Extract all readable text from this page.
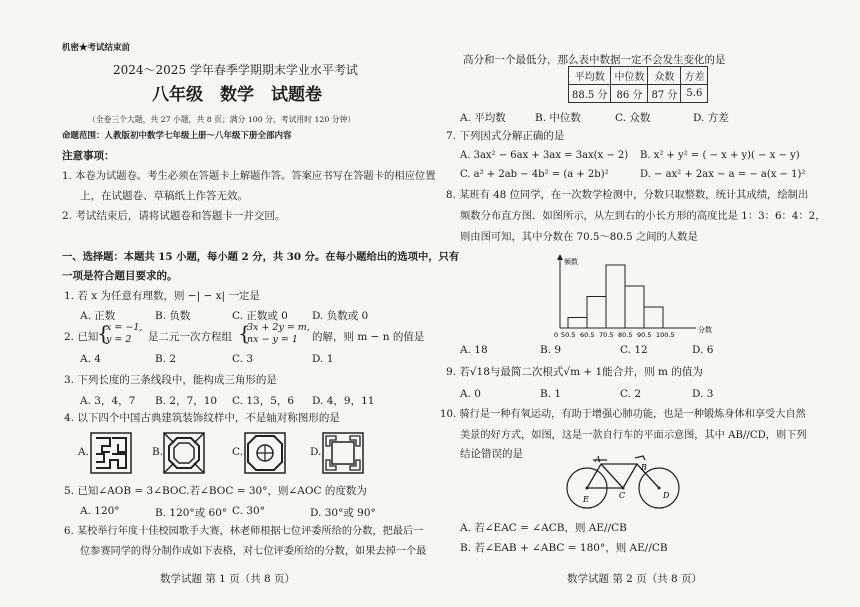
机密★考试结束前
2024～2025 学年春季学期期末学业水平考试
八年级　数学　试题卷
（全卷三个大题，共 27 小题，共 8 页；满分 100 分，考试用时 120 分钟）
命题范围：人教版初中数学七年级上册～八年级下册全部内容
注意事项：
1. 本卷为试题卷。考生必须在答题卡上解题作答。答案应书写在答题卡的相应位置
上，在试题卷、草稿纸上作答无效。
2. 考试结束后，请将试题卷和答题卡一并交回。
一、选择题：本题共 15 小题，每小题 2 分，共 30 分。在每小题给出的选项中，只有
一项是符合题目要求的。
1. 若 x 为任意有理数，则 −| − x| 一定是
A. 正数	B. 负数	C. 正数或 0 D. 负数或 0
2. 已知
{
x = −1,
y = 2 是二元一次方程组 {
3x + 2y = m,
nx − y = 1 的解，则 m − n 的值是
A. 4	B. 2	C. 3	D. 1
3. 下列长度的三条线段中，能构成三角形的是
A. 3，4，7 B. 2，7，10 C. 13，5，6 D. 4，9，11
4. 以下四个中国古典建筑装饰纹样中，不是轴对称图形的是
A.	B.	C.	D.
5. 已知∠AOB = 3∠BOC.若∠BOC = 30°，则∠AOC 的度数为
A. 120°	B. 120°或 60° C. 30°	D. 30°或 90°
6. 某校举行年度十佳校园歌手大赛，林老师根据七位评委所给的分数，把最后一
位参赛同学的得分制作成如下表格，对七位评委所给的分数，如果去掉一个最
数学试题 第 1 页（共 8 页）
高分和一个最低分，那么表中数据一定不会发生变化的是
平均数	中位数	众数	方差
88.5 分	86 分	87 分	5.6
A. 平均数	B. 中位数	C. 众数	D. 方差
7. 下列因式分解正确的是
A. 3ax² − 6ax + 3ax = 3ax(x − 2) B. x² + y² = ( − x + y)( − x − y)
C. a² + 2ab − 4b² = (a + 2b)²	D. − ax² + 2ax − a = − a(x − 1)²
8. 某班有 48 位同学，在一次数学检测中，分数只取整数，统计其成绩，绘制出
频数分布直方图．如图所示，从左到右的小长方形的高度比是 1：3：6：4：2，
则由图可知，其中分数在 70.5～80.5 之间的人数是
频数
分数
0 50.5 60.5 70.5 80.5 90.5 100.5
A. 18	B. 9	C. 12	D. 6
9. 若√18与最简二次根式√m + 1能合并，则 m 的值为
A. 0	B. 1	C. 2	D. 3
10. 骑行是一种有氧运动，有助于增强心肺功能，也是一种锻炼身体和享受大自然
美景的好方式，如图，这是一款自行车的平面示意图，其中 AB//CD，则下列
结论错误的是	A
B
C	D
E
A. 若∠EAC = ∠ACB，则 AE//CB
B. 若∠EAB + ∠ABC = 180°，则 AE//CB
数学试题 第 2 页（共 8 页）
